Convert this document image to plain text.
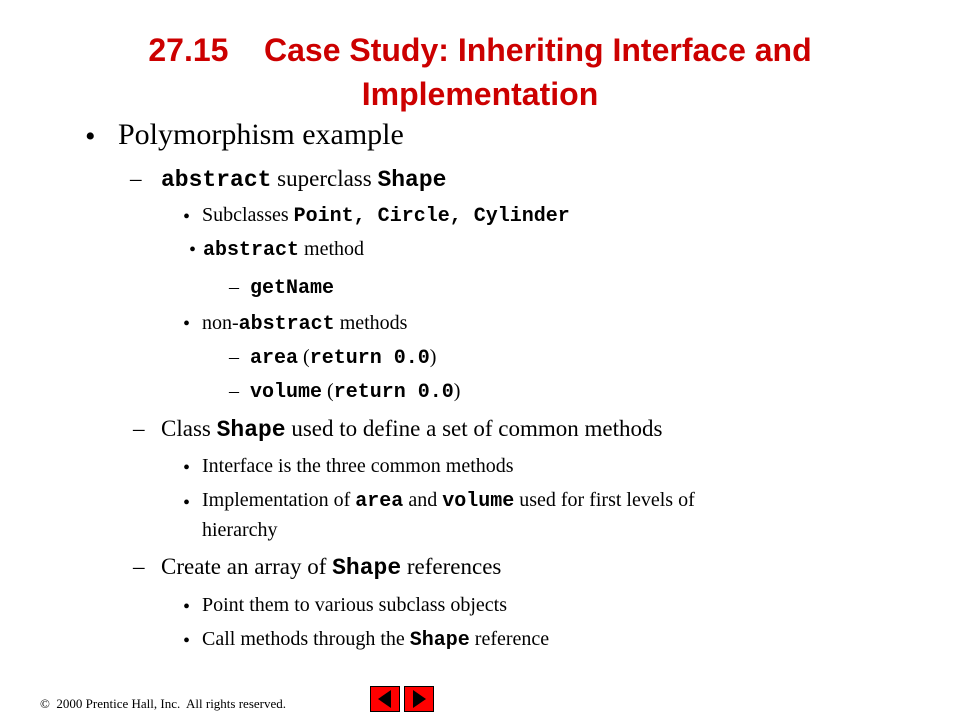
27.15    Case Study: Inheriting Interface and
Implementation
• Polymorphism example
– abstract superclass Shape
• Subclasses Point, Circle, Cylinder
• abstract method
– getName
• non-abstract methods
– area (return 0.0)
– volume (return 0.0)
– Class Shape used to define a set of common methods
• Interface is the three common methods
• Implementation of area and volume used for first levels of
hierarchy
– Create an array of Shape references
• Point them to various subclass objects
• Call methods through the Shape reference
©  2000 Prentice Hall, Inc.  All rights reserved.
